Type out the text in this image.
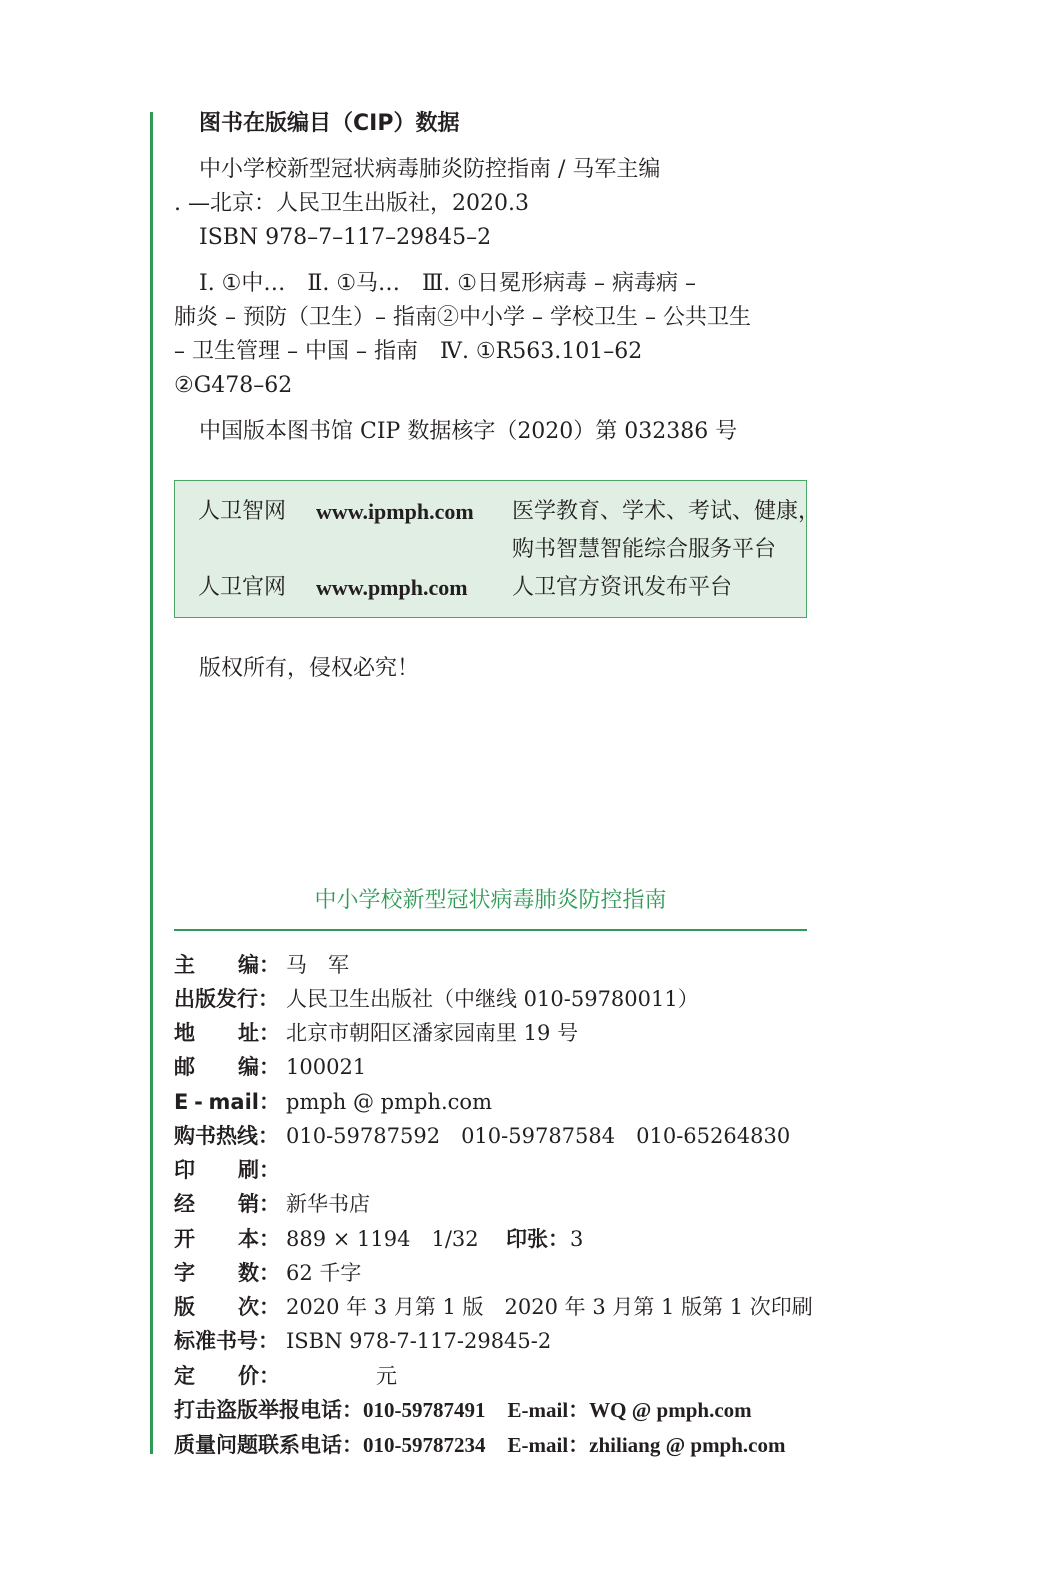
图书在版编目（CIP）数据
中小学校新型冠状病毒肺炎防控指南 / 马军主编
. —北京：人民卫生出版社，2020.3
ISBN 978–7–117–29845–2
Ⅰ. ①中…　Ⅱ. ①马…　Ⅲ. ①日冕形病毒 – 病毒病 –
肺炎 – 预防（卫生）– 指南②中小学 – 学校卫生 – 公共卫生
– 卫生管理 – 中国 – 指南　Ⅳ. ①R563.101–62
②G478–62
中国版本图书馆 CIP 数据核字（2020）第 032386 号
人卫智网 www.ipmph.com 医学教育、学术、考试、健康，
购书智慧智能综合服务平台
人卫官网 www.pmph.com 人卫官方资讯发布平台
版权所有，侵权必究！
中小学校新型冠状病毒肺炎防控指南
主 编： 马　军
出版发行： 人民卫生出版社（中继线 010-59780011）
地 址： 北京市朝阳区潘家园南里 19 号
邮 编： 100021
E - mail： pmph @ pmph.com
购书热线： 010-59787592　010-59787584　010-65264830
印 刷：
经 销： 新华书店
开 本： 889 × 1194　1/32 印张： 3
字 数： 62 千字
版 次： 2020 年 3 月第 1 版　2020 年 3 月第 1 版第 1 次印刷
标准书号： ISBN 978-7-117-29845-2
定 价：	元
打击盗版举报电话：010-59787491 E-mail：WQ @ pmph.com
质量问题联系电话：010-59787234 E-mail：zhiliang @ pmph.com
